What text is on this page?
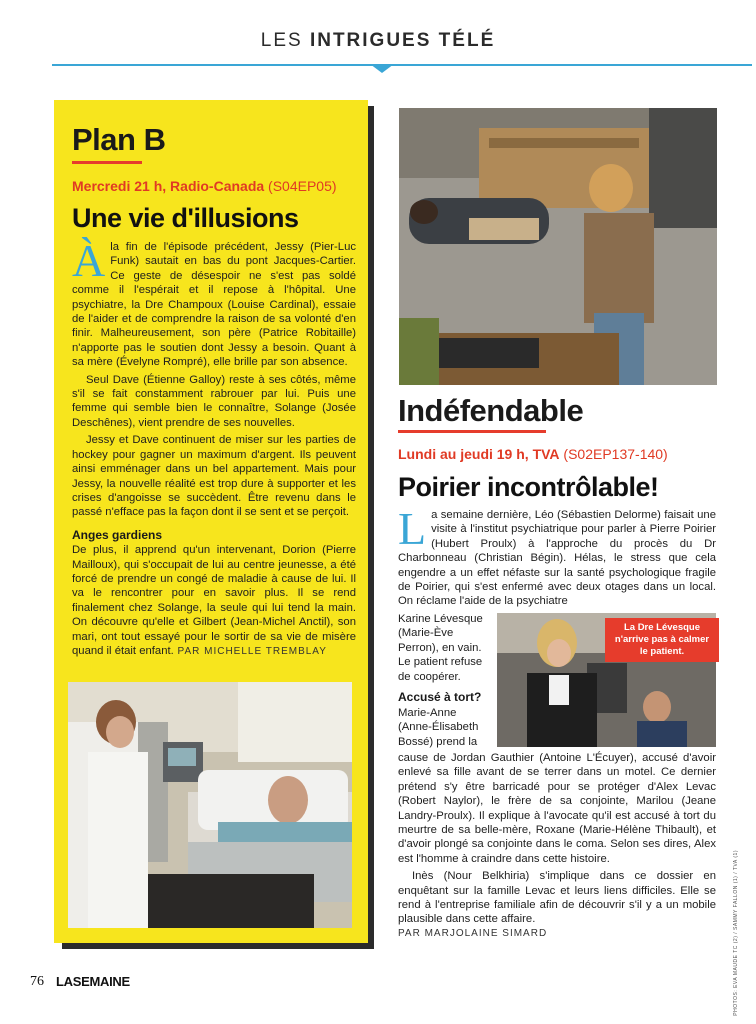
LES INTRIGUES TÉLÉ
Plan B
Mercredi 21 h, Radio-Canada (S04EP05)
Une vie d'illusions

Àla fin de l'épisode précédent, Jessy (Pier-Luc Funk) sautait en bas du pont Jacques-Cartier. Ce geste de désespoir ne s'est pas soldé comme il l'espérait et il repose à l'hôpital. Une psychiatre, la Dre Champoux (Louise Cardinal), essaie de l'aider et de comprendre la raison de sa volonté d'en finir. Malheureusement, son père (Patrice Robitaille) n'apporte pas le soutien dont Jessy a besoin. Quant à sa mère (Évelyne Rompré), elle brille par son absence.

Seul Dave (Étienne Galloy) reste à ses côtés, même s'il se fait constamment rabrouer par lui. Puis une femme qui semble bien le connaître, Solange (Josée Deschênes), vient prendre de ses nouvelles.

Jessy et Dave continuent de miser sur les parties de hockey pour gagner un maximum d'argent. Ils peuvent ainsi emménager dans un bel appartement. Mais pour Jessy, la nouvelle réalité est trop dure à supporter et les crises d'angoisse se succèdent. Être revenu dans le passé n'efface pas la façon dont il se sent et se perçoit.

Anges gardiens

De plus, il apprend qu'un intervenant, Dorion (Pierre Mailloux), qui s'occupait de lui au centre jeunesse, a été forcé de prendre un congé de maladie à cause de lui. Il va le rencontrer pour en savoir plus. Il se rend finalement chez Solange, la seule qui lui tend la main. On découvre qu'elle et Gilbert (Jean-Michel Anctil), son mari, ont tout essayé pour le sortir de sa vie de misère quand il était enfant. PAR MICHELLE TREMBLAY

Indéfendable
Lundi au jeudi 19 h, TVA (S02EP137-140)
Poirier incontrôlable!

La semaine dernière, Léo (Sébastien Delorme) faisait une visite à l'institut psychiatrique pour parler à Pierre Poirier (Hubert Proulx) à l'approche du procès du Dr Charbonneau (Christian Bégin). Hélas, le stress que cela engendre a un effet néfaste sur la santé psychologique fragile de Poirier, qui s'est enfermé avec deux otages dans un local. On réclame l'aide de la psychiatre

Karine Lévesque (Marie-Ève Perron), en vain. Le patient refuse de coopérer.
La Dre Lévesque n'arrive pas à calmer le patient.
Accusé à tort?
Marie-Anne (Anne-Élisabeth Bossé) prend la

cause de Jordan Gauthier (Antoine L'Écuyer), accusé d'avoir enlevé sa fille avant de se terrer dans un motel. Ce dernier prétend s'y être barricadé pour se protéger d'Alex Levac (Robert Naylor), le frère de sa conjointe, Marilou (Jeane Landry-Proulx). Il explique à l'avocate qu'il est accusé à tort du meurtre de sa belle-mère, Roxane (Marie-Hélène Thibault), et d'avoir plongé sa conjointe dans le coma. Selon ses dires, Alex est l'homme à craindre dans cette histoire.

Inès (Nour Belkhiria) s'implique dans ce dossier en enquêtant sur la famille Levac et leurs liens difficiles. Elle se rend à l'entreprise familiale afin de découvrir s'il y a un mobile plausible dans cette affaire.

PAR MARJOLAINE SIMARD
76 LASEMAINE	PHOTOS: EVA MAUDE TC (2) / SAMMY FALLON (1) / TVA (1)
